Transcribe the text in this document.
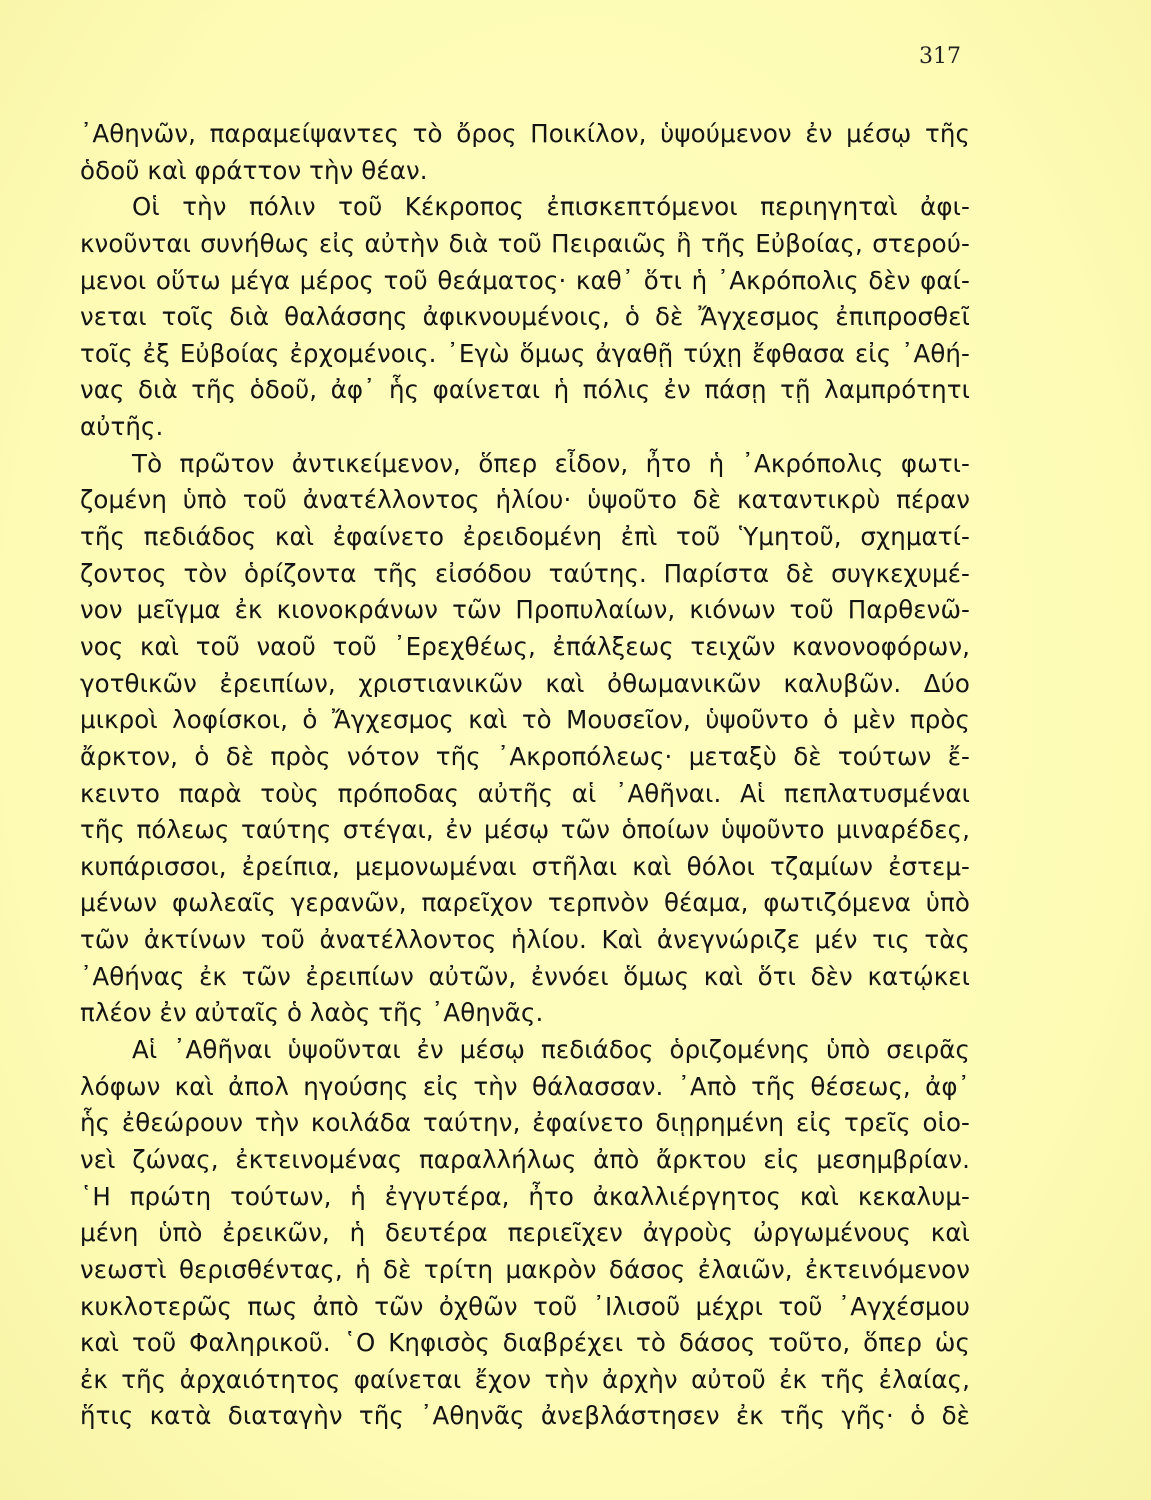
317
᾽Αθηνῶν, παραμείψαντες τὸ ὄρος Ποικίλον, ὑψούμενον ἐν μέσῳ τῆς
ὁδοῦ καὶ φράττον τὴν θέαν.
Οἱ τὴν πόλιν τοῦ Κέκροπος ἐπισκεπτόμενοι περιηγηταὶ ἀφι-
κνοῦνται συνήθως εἰς αὐτὴν διὰ τοῦ Πειραιῶς ἢ τῆς Εὐβοίας, στερού-
μενοι οὕτω μέγα μέρος τοῦ θεάματος· καθ᾽ ὅτι ἡ ᾽Ακρόπολις δὲν φαί-
νεται τοῖς διὰ θαλάσσης ἀφικνουμένοις, ὁ δὲ Ἄγχεσμος ἐπιπροσθεῖ
τοῖς ἐξ Εὐβοίας ἐρχομένοις. ᾽Εγὼ ὅμως ἀγαθῇ τύχῃ ἔφθασα εἰς ᾽Αθή-
νας διὰ τῆς ὁδοῦ, ἀφ᾽ ἧς φαίνεται ἡ πόλις ἐν πάσῃ τῇ λαμπρότητι
αὐτῆς.
Τὸ πρῶτον ἀντικείμενον, ὅπερ εἶδον, ἦτο ἡ ᾽Ακρόπολις φωτι-
ζομένη ὑπὸ τοῦ ἀνατέλλοντος ἡλίου· ὑψοῦτο δὲ καταντικρὺ πέραν
τῆς πεδιάδος καὶ ἐφαίνετο ἐρειδομένη ἐπὶ τοῦ Ὑμητοῦ, σχηματί-
ζοντος τὸν ὁρίζοντα τῆς εἰσόδου ταύτης. Παρίστα δὲ συγκεχυμέ-
νον μεῖγμα ἐκ κιονοκράνων τῶν Προπυλαίων, κιόνων τοῦ Παρθενῶ-
νος καὶ τοῦ ναοῦ τοῦ ᾽Ερεχθέως, ἐπάλξεως τειχῶν κανονοφόρων,
γοτθικῶν ἐρειπίων, χριστιανικῶν καὶ ὀθωμανικῶν καλυβῶν. Δύο
μικροὶ λοφίσκοι, ὁ Ἄγχεσμος καὶ τὸ Μουσεῖον, ὑψοῦντο ὁ μὲν πρὸς
ἄρκτον, ὁ δὲ πρὸς νότον τῆς ᾽Ακροπόλεως· μεταξὺ δὲ τούτων ἔ-
κειντο παρὰ τοὺς πρόποδας αὐτῆς αἱ ᾽Αθῆναι. Αἱ πεπλατυσμέναι
τῆς πόλεως ταύτης στέγαι, ἐν μέσῳ τῶν ὁποίων ὑψοῦντο μιναρέδες,
κυπάρισσοι, ἐρείπια, μεμονωμέναι στῆλαι καὶ θόλοι τζαμίων ἐστεμ-
μένων φωλεαῖς γερανῶν, παρεῖχον τερπνὸν θέαμα, φωτιζόμενα ὑπὸ
τῶν ἀκτίνων τοῦ ἀνατέλλοντος ἡλίου. Καὶ ἀνεγνώριζε μέν τις τὰς
᾽Αθήνας ἐκ τῶν ἐρειπίων αὐτῶν, ἐννόει ὅμως καὶ ὅτι δὲν κατῴκει
πλέον ἐν αὐταῖς ὁ λαὸς τῆς ᾽Αθηνᾶς.
Αἱ ᾽Αθῆναι ὑψοῦνται ἐν μέσῳ πεδιάδος ὁριζομένης ὑπὸ σειρᾶς
λόφων καὶ ἀπολ ηγούσης εἰς τὴν θάλασσαν. ᾽Απὸ τῆς θέσεως, ἀφ᾽
ἧς ἐθεώρουν τὴν κοιλάδα ταύτην, ἐφαίνετο διῃρημένη εἰς τρεῖς οἱο-
νεὶ ζώνας, ἐκτεινομένας παραλλήλως ἀπὸ ἄρκτου εἰς μεσημβρίαν.
῾Η πρώτη τούτων, ἡ ἐγγυτέρα, ἦτο ἀκαλλιέργητος καὶ κεκαλυμ-
μένη ὑπὸ ἐρεικῶν, ἡ δευτέρα περιεῖχεν ἀγροὺς ὠργωμένους καὶ
νεωστὶ θερισθέντας, ἡ δὲ τρίτη μακρὸν δάσος ἐλαιῶν, ἐκτεινόμενον
κυκλοτερῶς πως ἀπὸ τῶν ὀχθῶν τοῦ ᾽Ιλισοῦ μέχρι τοῦ ᾽Αγχέσμου
καὶ τοῦ Φαληρικοῦ. ῾Ο Κηφισὸς διαβρέχει τὸ δάσος τοῦτο, ὅπερ ὡς
ἐκ τῆς ἀρχαιότητος φαίνεται ἔχον τὴν ἀρχὴν αὐτοῦ ἐκ τῆς ἐλαίας,
ἥτις κατὰ διαταγὴν τῆς ᾽Αθηνᾶς ἀνεβλάστησεν ἐκ τῆς γῆς· ὁ δὲ
